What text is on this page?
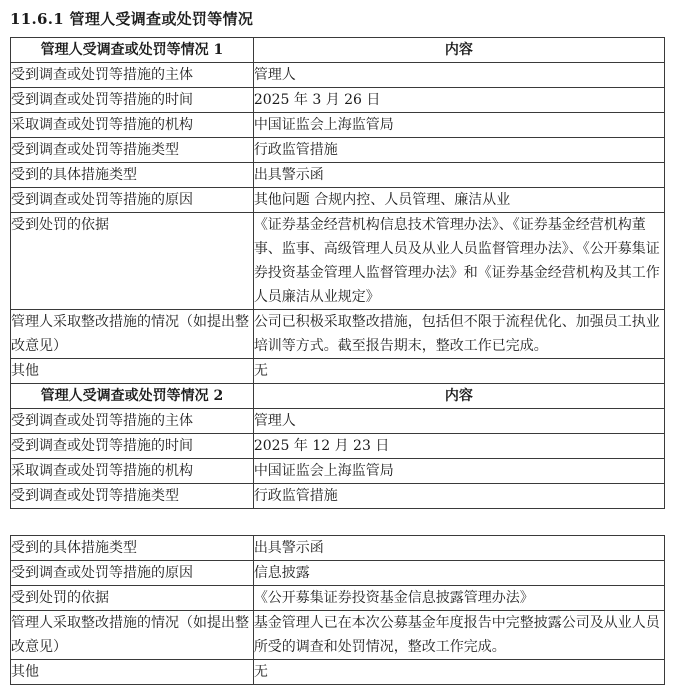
11.6.1 管理人受调查或处罚等情况
管理人受调查或处罚等情况 1	内容
受到调查或处罚等措施的主体	管理人
受到调查或处罚等措施的时间	2025 年 3 月 26 日
采取调查或处罚等措施的机构	中国证监会上海监管局
受到调查或处罚等措施类型	行政监管措施
受到的具体措施类型	出具警示函
受到调查或处罚等措施的原因	其他问题 合规内控、人员管理、廉洁从业
受到处罚的依据	《证券基金经营机构信息技术管理办法》、《证券基金经营机构董事、监事、高级管理人员及从业人员监督管理办法》、《公开募集证券投资基金管理人监督管理办法》和《证券基金经营机构及其工作人员廉洁从业规定》
管理人采取整改措施的情况（如提出整改意见）	公司已积极采取整改措施，包括但不限于流程优化、加强员工执业培训等方式。截至报告期末，整改工作已完成。
其他	无
管理人受调查或处罚等情况 2	内容
受到调查或处罚等措施的主体	管理人
受到调查或处罚等措施的时间	2025 年 12 月 23 日
采取调查或处罚等措施的机构	中国证监会上海监管局
受到调查或处罚等措施类型	行政监管措施
受到的具体措施类型	出具警示函
受到调查或处罚等措施的原因	信息披露
受到处罚的依据	《公开募集证券投资基金信息披露管理办法》
管理人采取整改措施的情况（如提出整改意见）	基金管理人已在本次公募基金年度报告中完整披露公司及从业人员所受的调查和处罚情况，整改工作完成。
其他	无
